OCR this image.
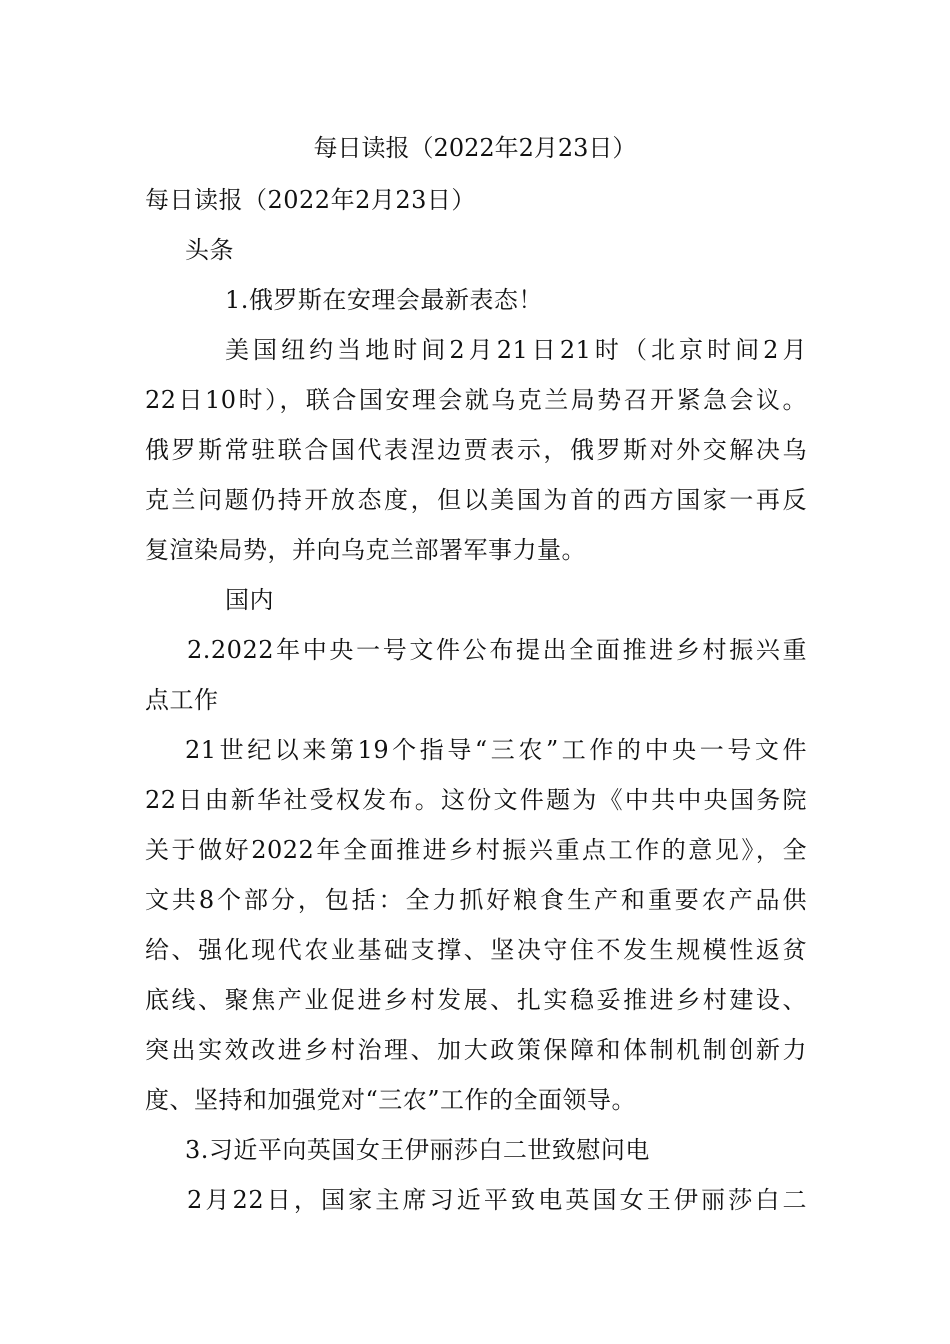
每日读报（2022年2月23日）
每日读报（2022年2月23日）
头条
1.俄罗斯在安理会最新表态！
美国纽约当地时间2月21日21时（北京时间2月
22日10时），联合国安理会就乌克兰局势召开紧急会议。
俄罗斯常驻联合国代表涅边贾表示，俄罗斯对外交解决乌
克兰问题仍持开放态度，但以美国为首的西方国家一再反
复渲染局势，并向乌克兰部署军事力量。
国内
2.2022年中央一号文件公布提出全面推进乡村振兴重
点工作
21世纪以来第19个指导“三农”工作的中央一号文件
22日由新华社受权发布。这份文件题为《中共中央国务院
关于做好2022年全面推进乡村振兴重点工作的意见》，全
文共8个部分，包括：全力抓好粮食生产和重要农产品供
给、强化现代农业基础支撑、坚决守住不发生规模性返贫
底线、聚焦产业促进乡村发展、扎实稳妥推进乡村建设、
突出实效改进乡村治理、加大政策保障和体制机制创新力
度、坚持和加强党对“三农”工作的全面领导。
3.习近平向英国女王伊丽莎白二世致慰问电
2月22日，国家主席习近平致电英国女王伊丽莎白二
